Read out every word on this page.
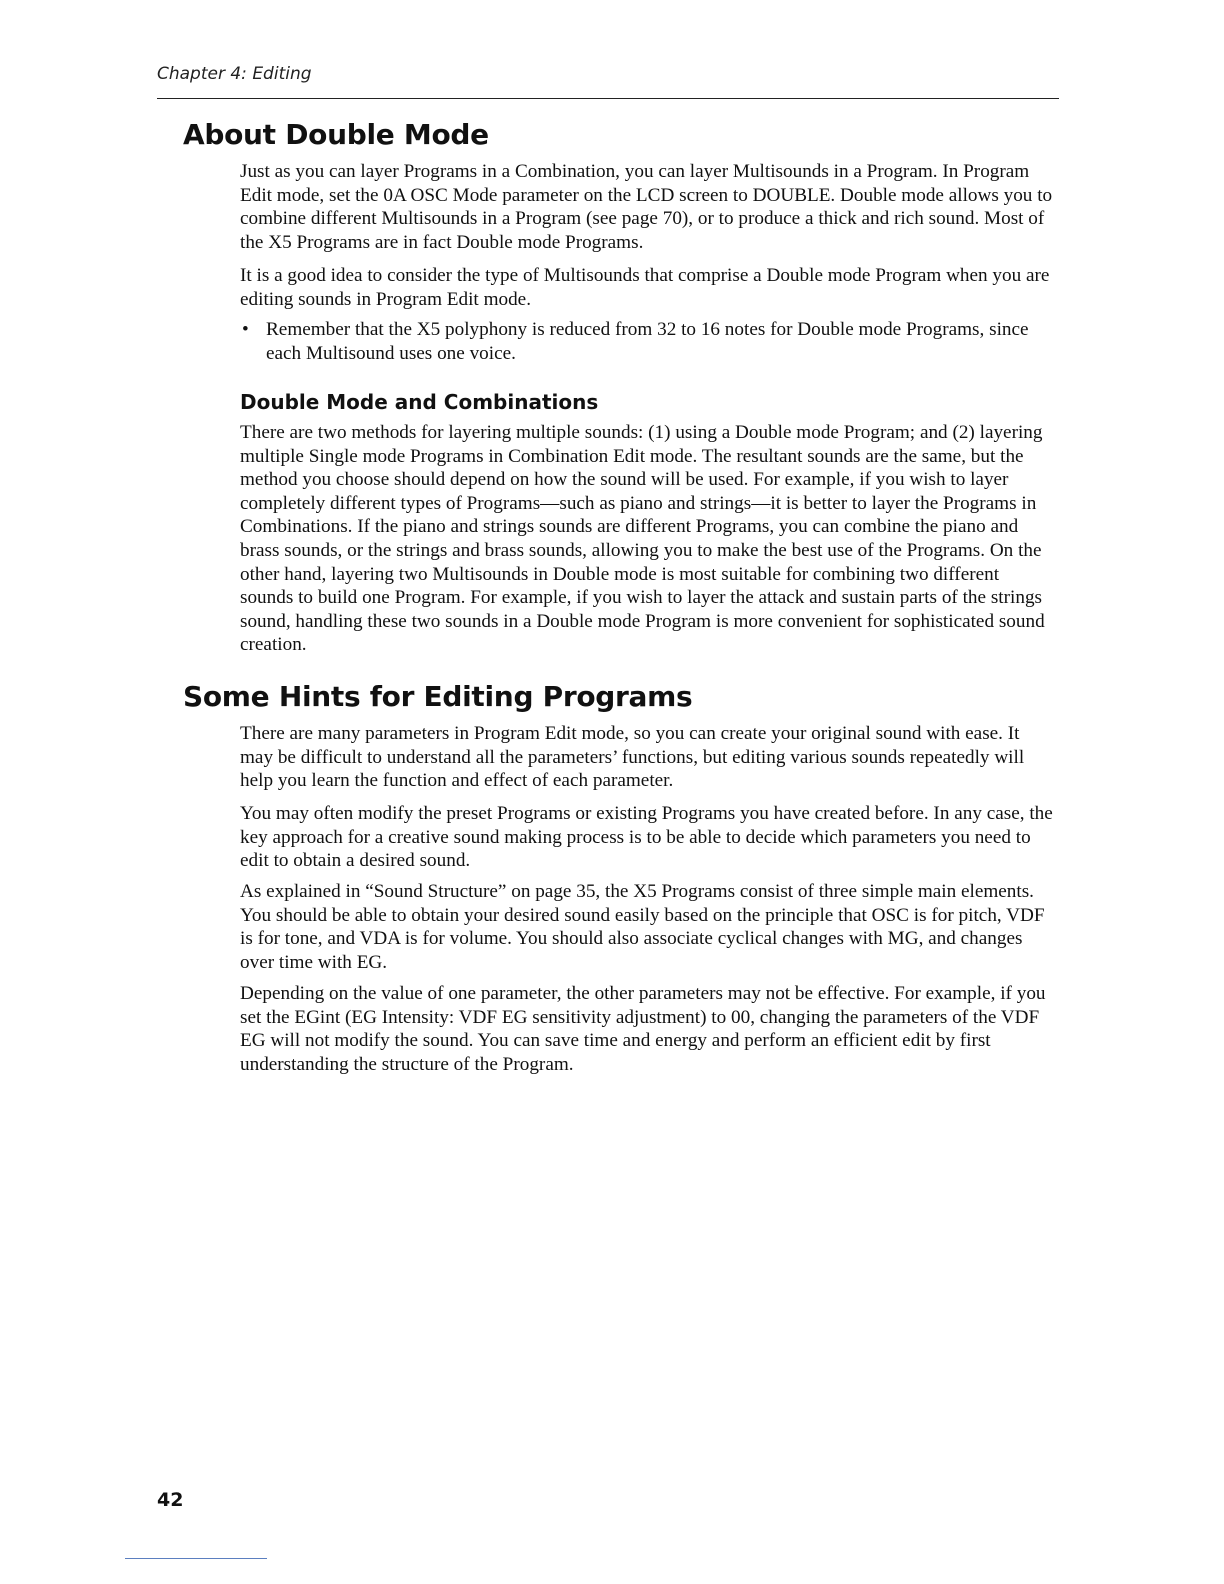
Chapter 4: Editing
About Double Mode

Just as you can layer Programs in a Combination, you can layer Multisounds in a Program. In Program Edit mode, set the 0A OSC Mode parameter on the LCD screen to DOUBLE. Double mode allows you to combine different Multisounds in a Program (see page 70), or to produce a thick and rich sound. Most of the X5 Programs are in fact Double mode Programs.

It is a good idea to consider the type of Multisounds that comprise a Double mode Program when you are editing sounds in Program Edit mode.

• Remember that the X5 polyphony is reduced from 32 to 16 notes for Double mode Programs, since each Multisound uses one voice.
Double Mode and Combinations

There are two methods for layering multiple sounds: (1) using a Double mode Program; and (2) layering multiple Single mode Programs in Combination Edit mode. The resultant sounds are the same, but the method you choose should depend on how the sound will be used. For example, if you wish to layer completely different types of Programs—such as piano and strings—it is better to layer the Programs in Combinations. If the piano and strings sounds are different Programs, you can combine the piano and brass sounds, or the strings and brass sounds, allowing you to make the best use of the Programs. On the other hand, layering two Multisounds in Double mode is most suitable for combining two different sounds to build one Program. For example, if you wish to layer the attack and sustain parts of the strings sound, handling these two sounds in a Double mode Program is more convenient for sophisticated sound creation.

Some Hints for Editing Programs

There are many parameters in Program Edit mode, so you can create your original sound with ease. It may be difficult to understand all the parameters’ functions, but editing various sounds repeatedly will help you learn the function and effect of each parameter.

You may often modify the preset Programs or existing Programs you have created before. In any case, the key approach for a creative sound making process is to be able to decide which parameters you need to edit to obtain a desired sound.

As explained in “Sound Structure” on page 35, the X5 Programs consist of three simple main elements. You should be able to obtain your desired sound easily based on the principle that OSC is for pitch, VDF is for tone, and VDA is for volume. You should also associate cyclical changes with MG, and changes over time with EG.

Depending on the value of one parameter, the other parameters may not be effective. For example, if you set the EGint (EG Intensity: VDF EG sensitivity adjustment) to 00, changing the parameters of the VDF EG will not modify the sound. You can save time and energy and perform an efficient edit by first understanding the structure of the Program.

42
